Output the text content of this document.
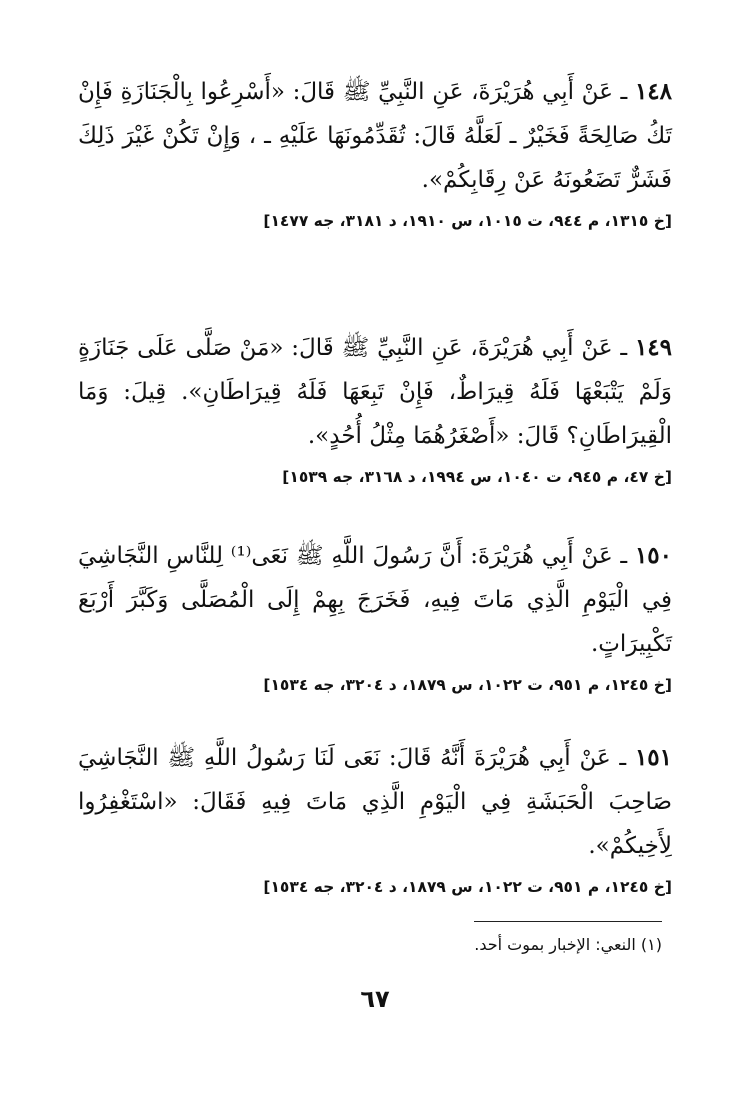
١٤٨ ـ عَنْ أَبِي هُرَيْرَةَ، عَنِ النَّبِيِّ ﷺ قَالَ: «أَسْرِعُوا بِالْجَنَازَةِ فَإِنْ تَكُ صَالِحَةً فَخَيْرٌ ـ لَعَلَّهُ قَالَ: تُقَدِّمُونَهَا عَلَيْهِ ـ ، وَإِنْ تَكُنْ غَيْرَ ذَلِكَ فَشَرٌّ تَضَعُونَهُ عَنْ رِقَابِكُمْ».

[خ ١٣١٥، م ٩٤٤، ت ١٠١٥، س ١٩١٠، د ٣١٨١، جه ١٤٧٧]

١٤٩ ـ عَنْ أَبِي هُرَيْرَةَ، عَنِ النَّبِيِّ ﷺ قَالَ: «مَنْ صَلَّى عَلَى جَنَازَةٍ وَلَمْ يَتْبَعْهَا فَلَهُ قِيرَاطٌ، فَإِنْ تَبِعَهَا فَلَهُ قِيرَاطَانِ». قِيلَ: وَمَا الْقِيرَاطَانِ؟ قَالَ: «أَصْغَرُهُمَا مِثْلُ أُحُدٍ».

[خ ٤٧، م ٩٤٥، ت ١٠٤٠، س ١٩٩٤، د ٣١٦٨، جه ١٥٣٩]

١٥٠ ـ عَنْ أَبِي هُرَيْرَةَ: أَنَّ رَسُولَ اللَّهِ ﷺ نَعَى⁽¹⁾ لِلنَّاسِ النَّجَاشِيَ فِي الْيَوْمِ الَّذِي مَاتَ فِيهِ، فَخَرَجَ بِهِمْ إِلَى الْمُصَلَّى وَكَبَّرَ أَرْبَعَ تَكْبِيرَاتٍ.

[خ ١٢٤٥، م ٩٥١، ت ١٠٢٢، س ١٨٧٩، د ٣٢٠٤، جه ١٥٣٤]

١٥١ ـ عَنْ أَبِي هُرَيْرَةَ أَنَّهُ قَالَ: نَعَى لَنَا رَسُولُ اللَّهِ ﷺ النَّجَاشِيَ صَاحِبَ الْحَبَشَةِ فِي الْيَوْمِ الَّذِي مَاتَ فِيهِ فَقَالَ: «اسْتَغْفِرُوا لِأَخِيكُمْ».

[خ ١٢٤٥، م ٩٥١، ت ١٠٢٢، س ١٨٧٩، د ٣٢٠٤، جه ١٥٣٤]
(١) النعي: الإخبار بموت أحد.
٦٧
